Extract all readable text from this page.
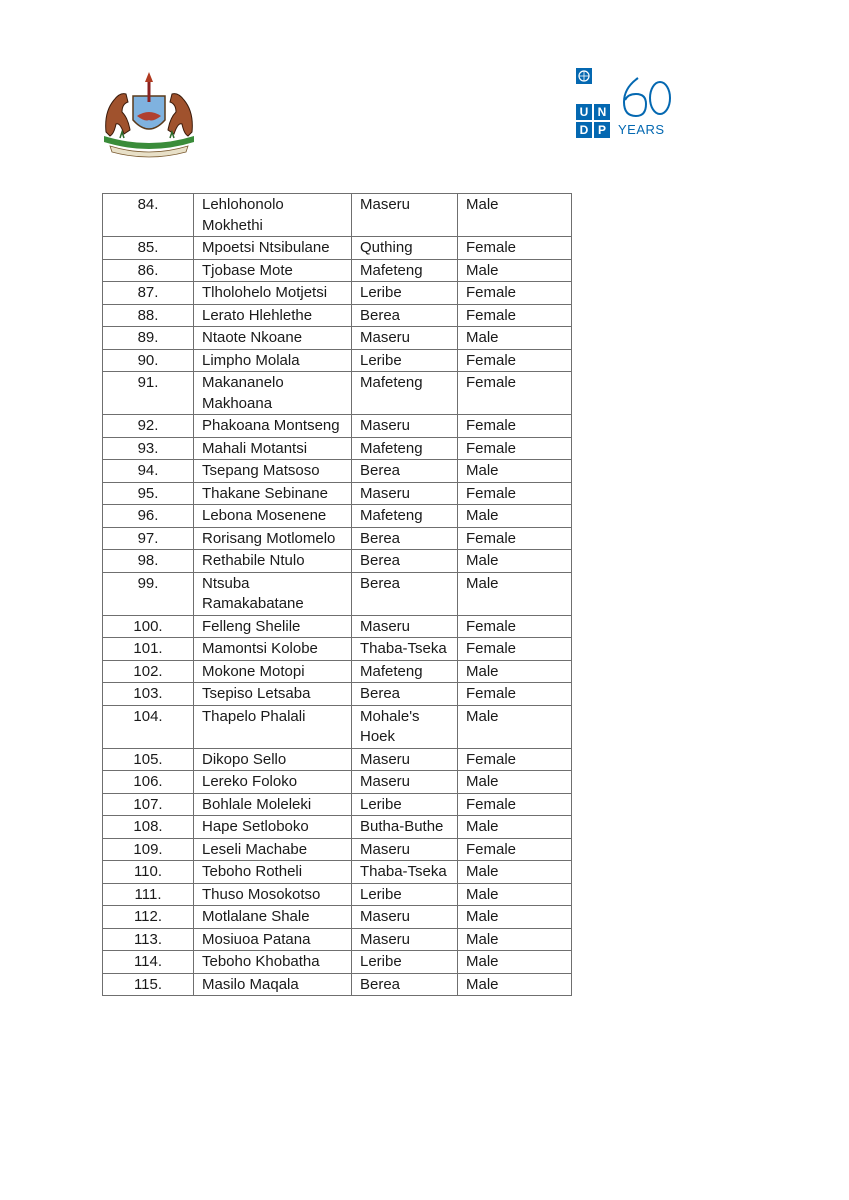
U N
D P YEARS
84.	Lehlohonolo Mokhethi	Maseru	Male
85.	Mpoetsi Ntsibulane	Quthing	Female
86.	Tjobase Mote	Mafeteng	Male
87.	Tlholohelo Motjetsi	Leribe	Female
88.	Lerato Hlehlethe	Berea	Female
89.	Ntaote Nkoane	Maseru	Male
90.	Limpho Molala	Leribe	Female
91.	Makananelo Makhoana	Mafeteng	Female
92.	Phakoana Montseng	Maseru	Female
93.	Mahali Motantsi	Mafeteng	Female
94.	Tsepang Matsoso	Berea	Male
95.	Thakane Sebinane	Maseru	Female
96.	Lebona Mosenene	Mafeteng	Male
97.	Rorisang Motlomelo	Berea	Female
98.	Rethabile Ntulo	Berea	Male
99.	Ntsuba Ramakabatane	Berea	Male
100.	Felleng Shelile	Maseru	Female
101.	Mamontsi Kolobe	Thaba-Tseka	Female
102.	Mokone Motopi	Mafeteng	Male
103.	Tsepiso Letsaba	Berea	Female
104.	Thapelo Phalali	Mohale's Hoek	Male
105.	Dikopo Sello	Maseru	Female
106.	Lereko Foloko	Maseru	Male
107.	Bohlale Moleleki	Leribe	Female
108.	Hape Setloboko	Butha-Buthe	Male
109.	Leseli Machabe	Maseru	Female
110.	Teboho Rotheli	Thaba-Tseka	Male
111.	Thuso Mosokotso	Leribe	Male
112.	Motlalane Shale	Maseru	Male
113.	Mosiuoa Patana	Maseru	Male
114.	Teboho Khobatha	Leribe	Male
115.	Masilo Maqala	Berea	Male
